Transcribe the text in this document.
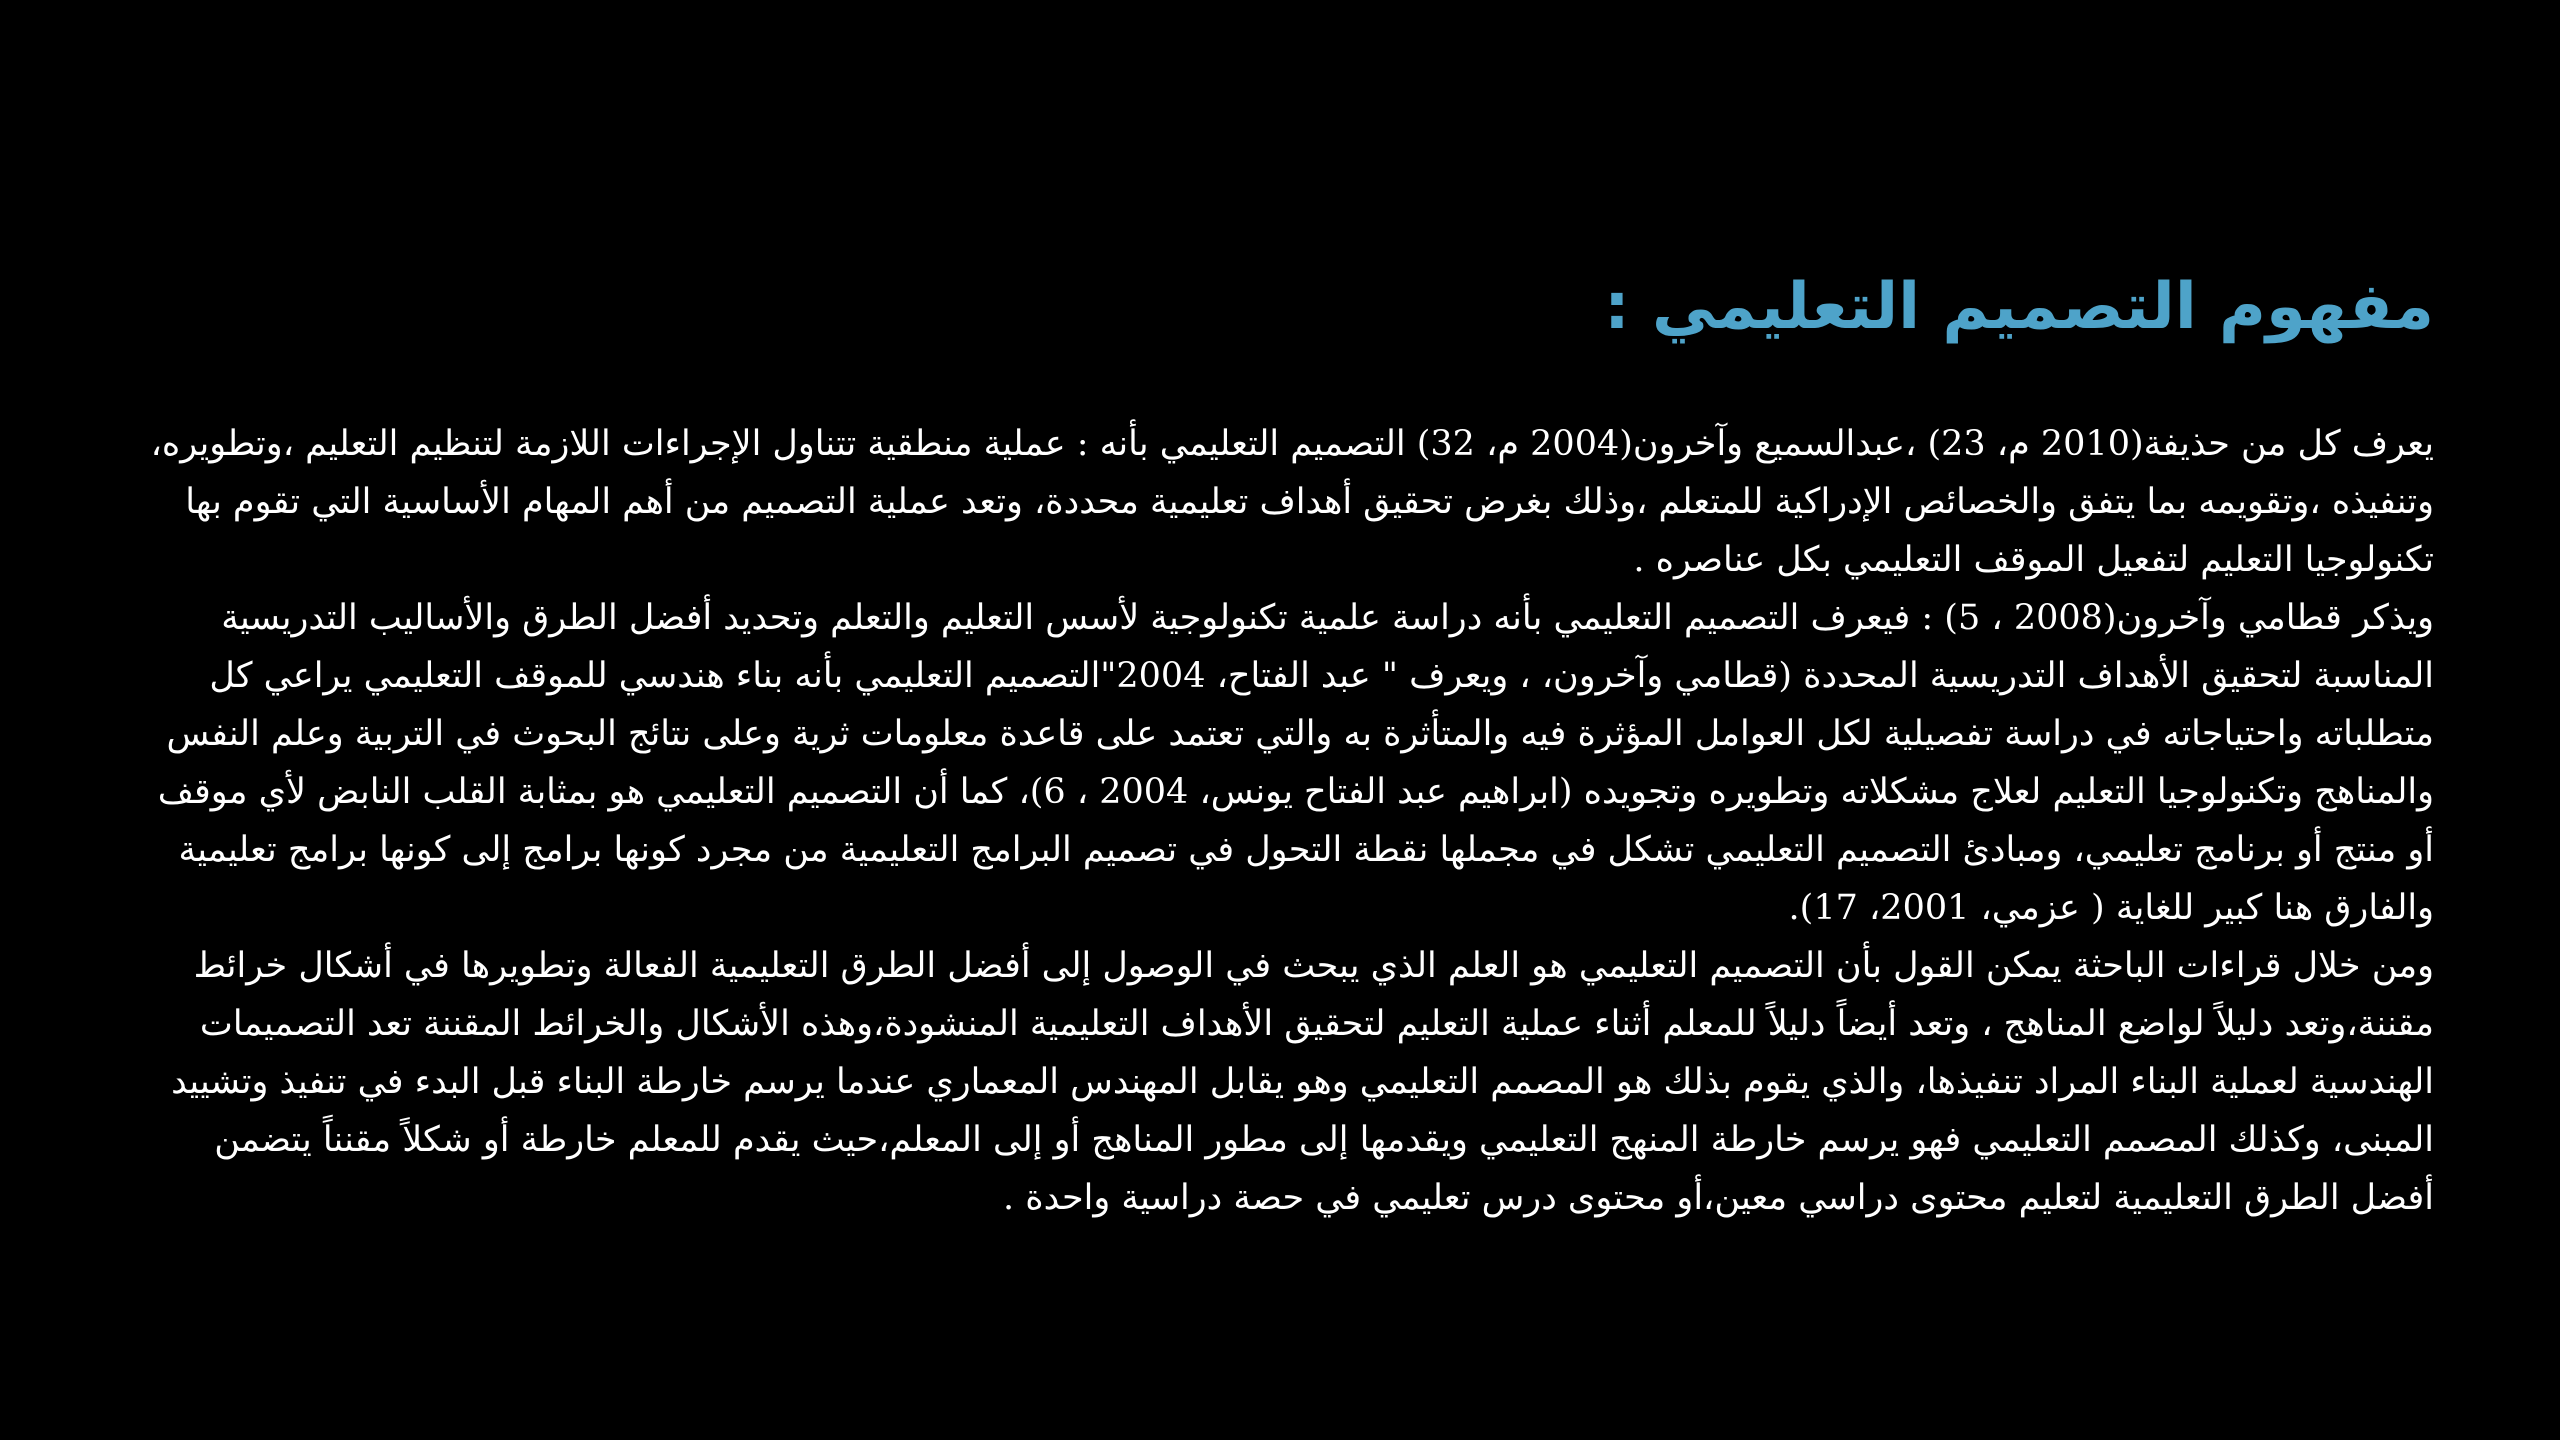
مفهوم التصميم التعليمي :

يعرف كل من حذيفة(2010 م، 23) ،عبدالسميع وآخرون(2004 م، 32) التصميم التعليمي بأنه : عملية منطقية تتناول الإجراءات اللازمة لتنظيم التعليم ،وتطويره، وتنفيذه ،وتقويمه بما يتفق والخصائص الإدراكية للمتعلم ،وذلك بغرض تحقيق أهداف تعليمية محددة، وتعد عملية التصميم من أهم المهام الأساسية التي تقوم بها تكنولوجيا التعليم لتفعيل الموقف التعليمي بكل عناصره .

ويذكر قطامي وآخرون(2008 ، 5) : فيعرف التصميم التعليمي بأنه دراسة علمية تكنولوجية لأسس التعليم والتعلم وتحديد أفضل الطرق والأساليب التدريسية المناسبة لتحقيق الأهداف التدريسية المحددة (قطامي وآخرون، ، ويعرف " عبد الفتاح، 2004"التصميم التعليمي بأنه بناء هندسي للموقف التعليمي يراعي كل متطلباته واحتياجاته في دراسة تفصيلية لكل العوامل المؤثرة فيه والمتأثرة به والتي تعتمد على قاعدة معلومات ثرية وعلى نتائج البحوث في التربية وعلم النفس والمناهج وتكنولوجيا التعليم لعلاج مشكلاته وتطويره وتجويده (ابراهيم عبد الفتاح يونس، 2004 ، 6)، كما أن التصميم التعليمي هو بمثابة القلب النابض لأي موقف أو منتج أو برنامج تعليمي، ومبادئ التصميم التعليمي تشكل في مجملها نقطة التحول في تصميم البرامج التعليمية من مجرد كونها برامج إلى كونها برامج تعليمية والفارق هنا كبير للغاية ( عزمي، 2001، 17).

ومن خلال قراءات الباحثة يمكن القول بأن التصميم التعليمي هو العلم الذي يبحث في الوصول إلى أفضل الطرق التعليمية الفعالة وتطويرها في أشكال خرائط مقننة،وتعد دليلاً لواضع المناهج ، وتعد أيضاً دليلاً للمعلم أثناء عملية التعليم لتحقيق الأهداف التعليمية المنشودة،وهذه الأشكال والخرائط المقننة تعد التصميمات الهندسية لعملية البناء المراد تنفيذها، والذي يقوم بذلك هو المصمم التعليمي وهو يقابل المهندس المعماري عندما يرسم خارطة البناء قبل البدء في تنفيذ وتشييد المبنى، وكذلك المصمم التعليمي فهو يرسم خارطة المنهج التعليمي ويقدمها إلى مطور المناهج أو إلى المعلم،حيث يقدم للمعلم خارطة أو شكلاً مقنناً يتضمن أفضل الطرق التعليمية لتعليم محتوى دراسي معين،أو محتوى درس تعليمي في حصة دراسية واحدة .
